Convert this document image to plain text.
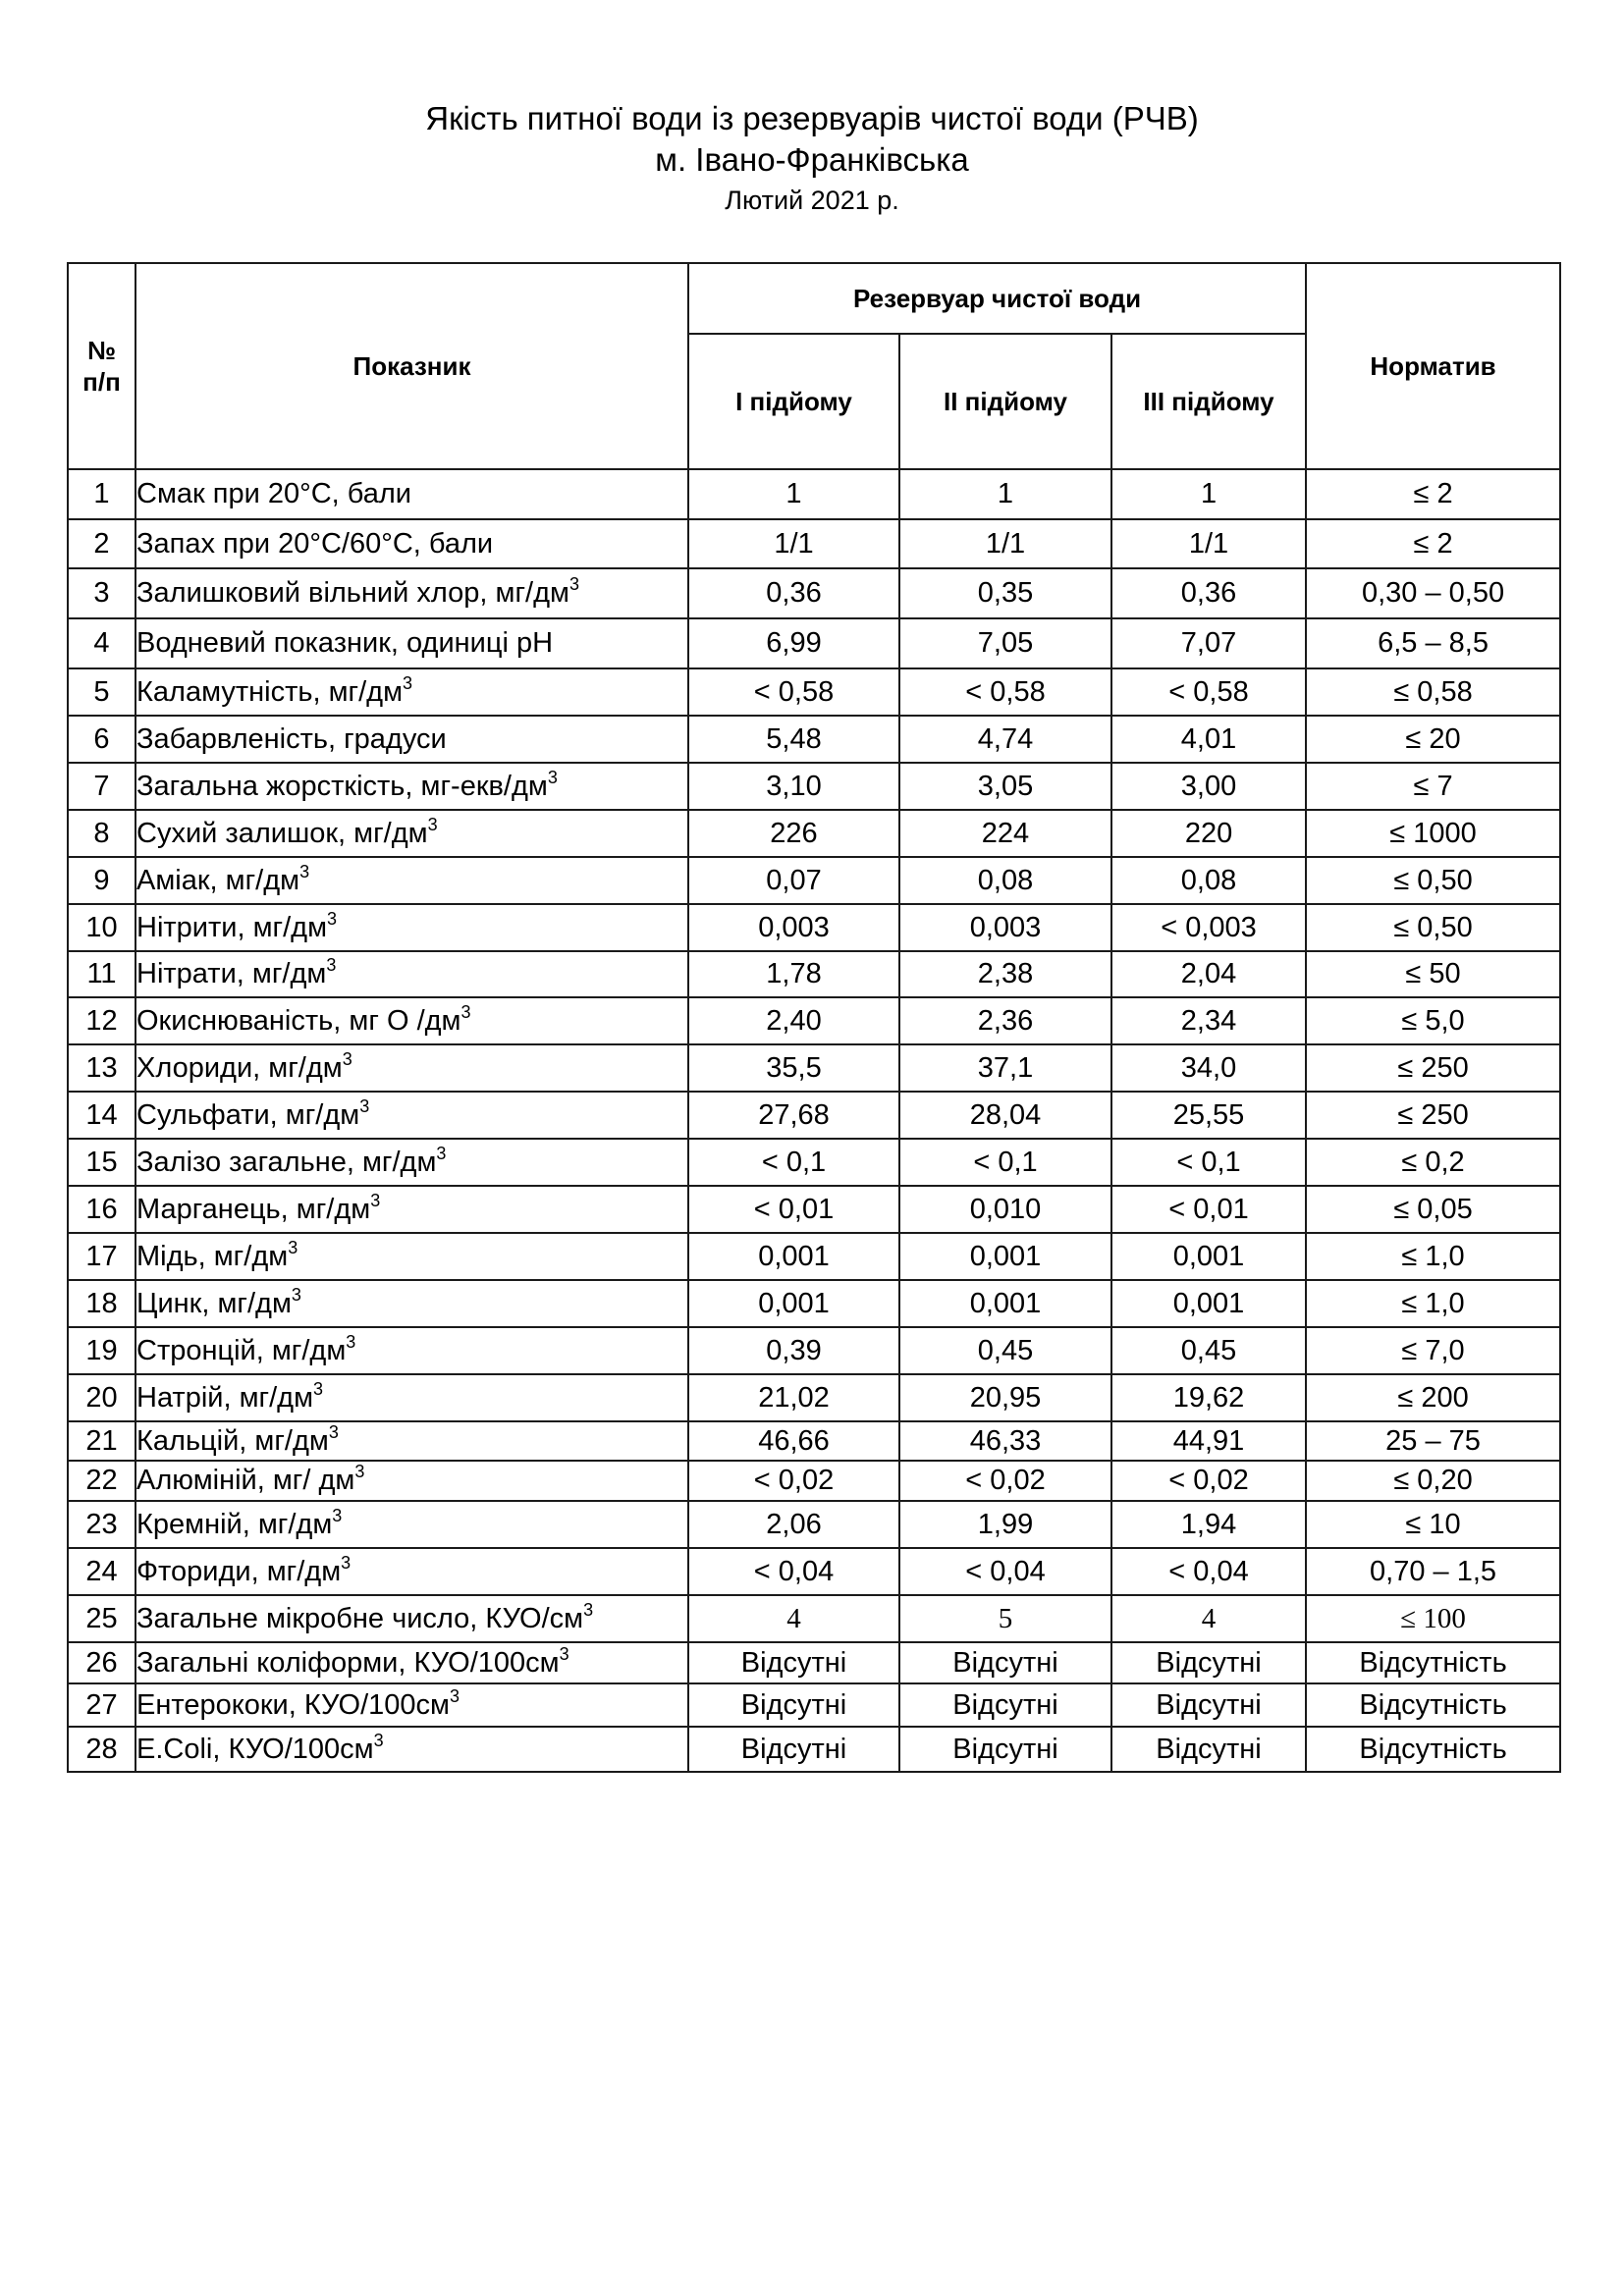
Якість питної води із резервуарів чистої води (РЧВ)
м. Івано-Франківська
Лютий 2021 р.
№ п/п	Показник	Резервуар чистої води			Норматив
		І підйому	ІІ підйому	ІІІ підйому	
1	Смак при 20°С, бали	1	1	1	≤ 2
2	Запах при 20°С/60°С, бали	1/1	1/1	1/1	≤ 2
3	Залишковий вільний хлор, $мг/дм^3$	0,36	0,35	0,36	0,30 – 0,50
4	Водневий показник, одиниці pH	6,99	7,05	7,07	6,5 – 8,5
5	Каламутність, $мг/дм^3$	< 0,58	< 0,58	< 0,58	≤ 0,58
6	Забарвленість, градуси	5,48	4,74	4,01	≤ 20
7	Загальна жорсткість, $мг-екв/дм^3$	3,10	3,05	3,00	≤ 7
8	Сухий залишок, $мг/дм^3$	226	224	220	≤ 1000
9	Аміак, $мг/дм^3$	0,07	0,08	0,08	≤ 0,50
10	Нітрити, $мг/дм^3$	0,003	0,003	< 0,003	≤ 0,50
11	Нітрати, $мг/дм^3$	1,78	2,38	2,04	≤ 50
12	Окиснюваність, мг О $/дм^3$	2,40	2,36	2,34	≤ 5,0
13	Хлориди, $мг/дм^3$	35,5	37,1	34,0	≤ 250
14	Сульфати, $мг/дм^3$	27,68	28,04	25,55	≤ 250
15	Залізо загальне, $мг/дм^3$	< 0,1	< 0,1	< 0,1	≤ 0,2
16	Марганець, $мг/дм^3$	< 0,01	0,010	< 0,01	≤ 0,05
17	Мідь, $мг/дм^3$	0,001	0,001	0,001	≤ 1,0
18	Цинк, $мг/дм^3$	0,001	0,001	0,001	≤ 1,0
19	Стронцій, $мг/дм^3$	0,39	0,45	0,45	≤ 7,0
20	Натрій, $мг/дм^3$	21,02	20,95	19,62	≤ 200
21	Кальцій, $мг/дм^3$	46,66	46,33	44,91	25 – 75
22	Алюміній, мг/ $дм^3$	< 0,02	< 0,02	< 0,02	≤ 0,20
23	Кремній, $мг/дм^3$	2,06	1,99	1,94	≤ 10
24	Фториди, $мг/дм^3$	< 0,04	< 0,04	< 0,04	0,70 – 1,5
25	Загальне мікробне число, КУО/$см^3$	4	5	4	≤ 100
26	Загальні коліформи, КУО/$100см^3$	Відсутні	Відсутні	Відсутні	Відсутність
27	Ентерококи, КУО/$100см^3$	Відсутні	Відсутні	Відсутні	Відсутність
28	E.Coli, КУО/$100см^3$	Відсутні	Відсутні	Відсутні	Відсутність
